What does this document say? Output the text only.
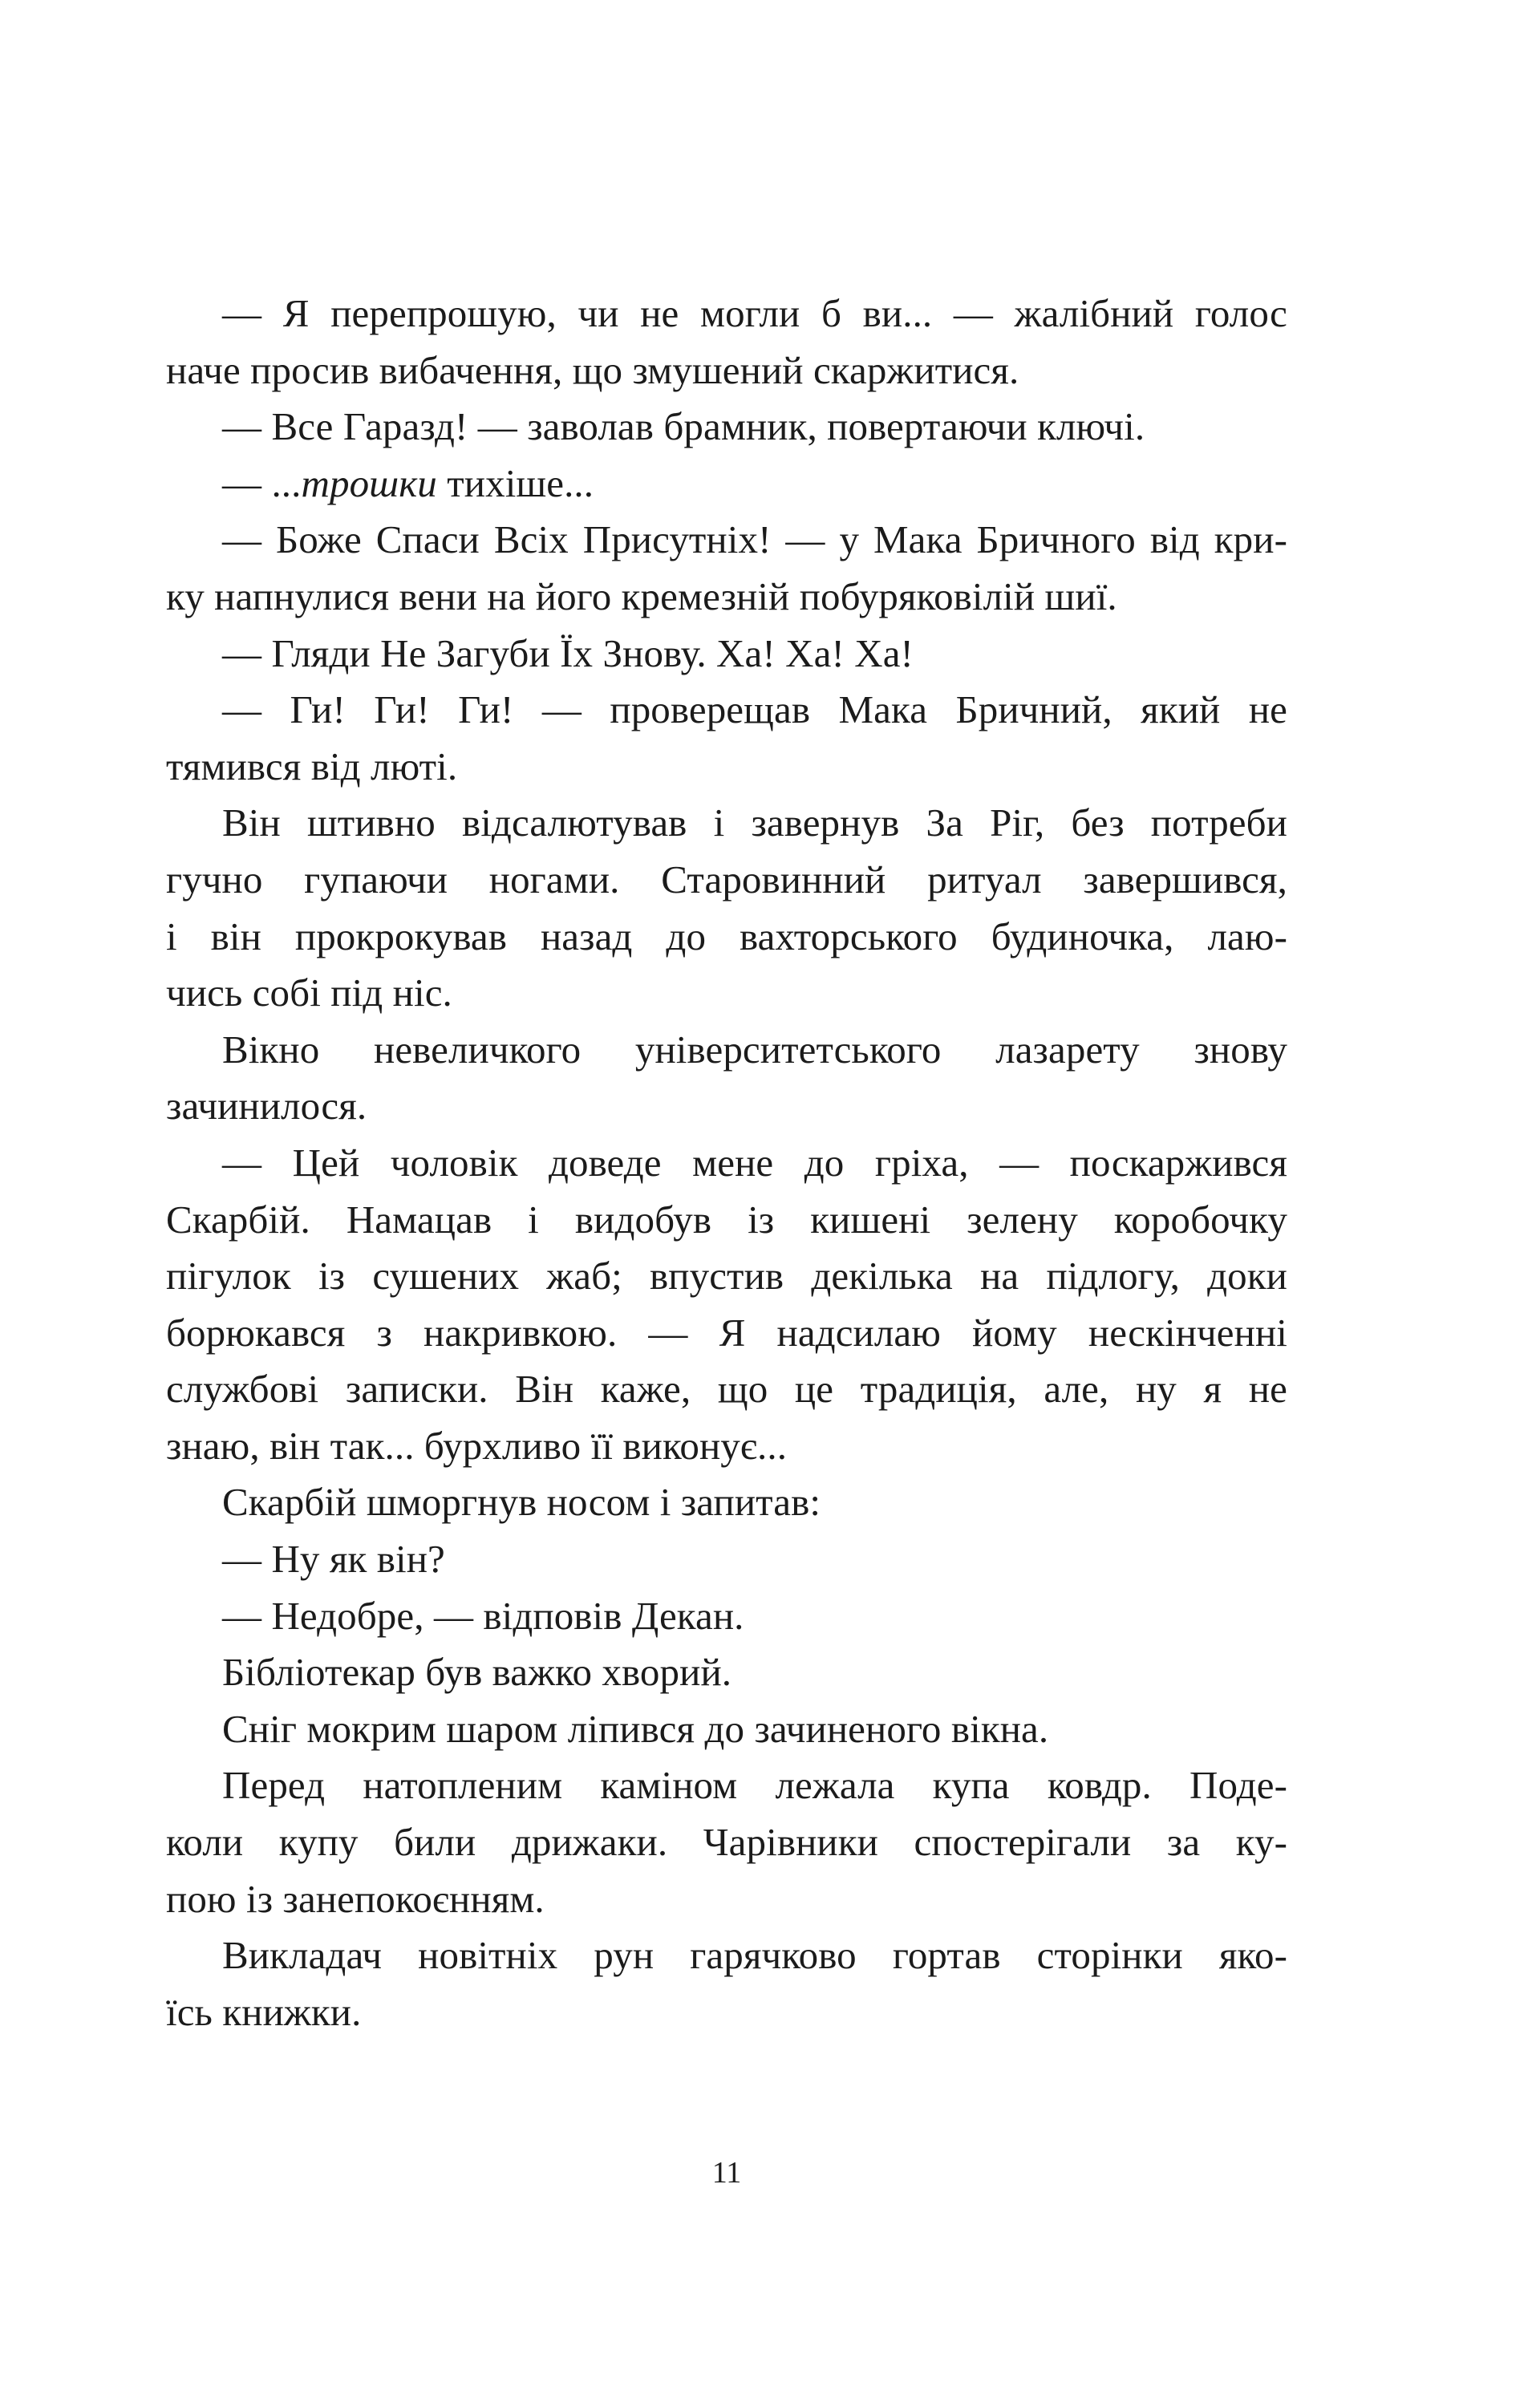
— Я перепрошую, чи не могли б ви... — жалібний голос
наче просив вибачення, що змушений скаржитися.
— Все Гаразд! — заволав брамник, повертаючи ключі.
— ...трошки тихіше...
— Боже Спаси Всіх Присутніх! — у Мака Бричного від кри-
ку напнулися вени на його кремезній побуряковілій шиї.
— Гляди Не Загуби Їх Знову. Ха! Ха! Ха!
— Ги! Ги! Ги! — проверещав Мака Бричний, який не
тямився від люті.
Він штивно відсалютував і завернув За Ріг, без потреби
гучно гупаючи ногами. Старовинний ритуал завершився,
і він прокрокував назад до вахторського будиночка, лаю-
чись собі під ніс.
Вікно невеличкого університетського лазарету знову
зачинилося.
— Цей чоловік доведе мене до гріха, — поскаржився
Скарбій. Намацав і видобув із кишені зелену коробочку
пігулок із сушених жаб; впустив декілька на підлогу, доки
борюкався з накривкою. — Я надсилаю йому нескінченні
службові записки. Він каже, що це традиція, але, ну я не
знаю, він так... бурхливо її виконує...
Скарбій шморгнув носом і запитав:
— Ну як він?
— Недобре, — відповів Декан.
Бібліотекар був важко хворий.
Сніг мокрим шаром ліпився до зачиненого вікна.
Перед натопленим каміном лежала купа ковдр. Поде-
коли купу били дрижаки. Чарівники спостерігали за ку-
пою із занепокоєнням.
Викладач новітніх рун гарячково гортав сторінки яко-
їсь книжки.
11
